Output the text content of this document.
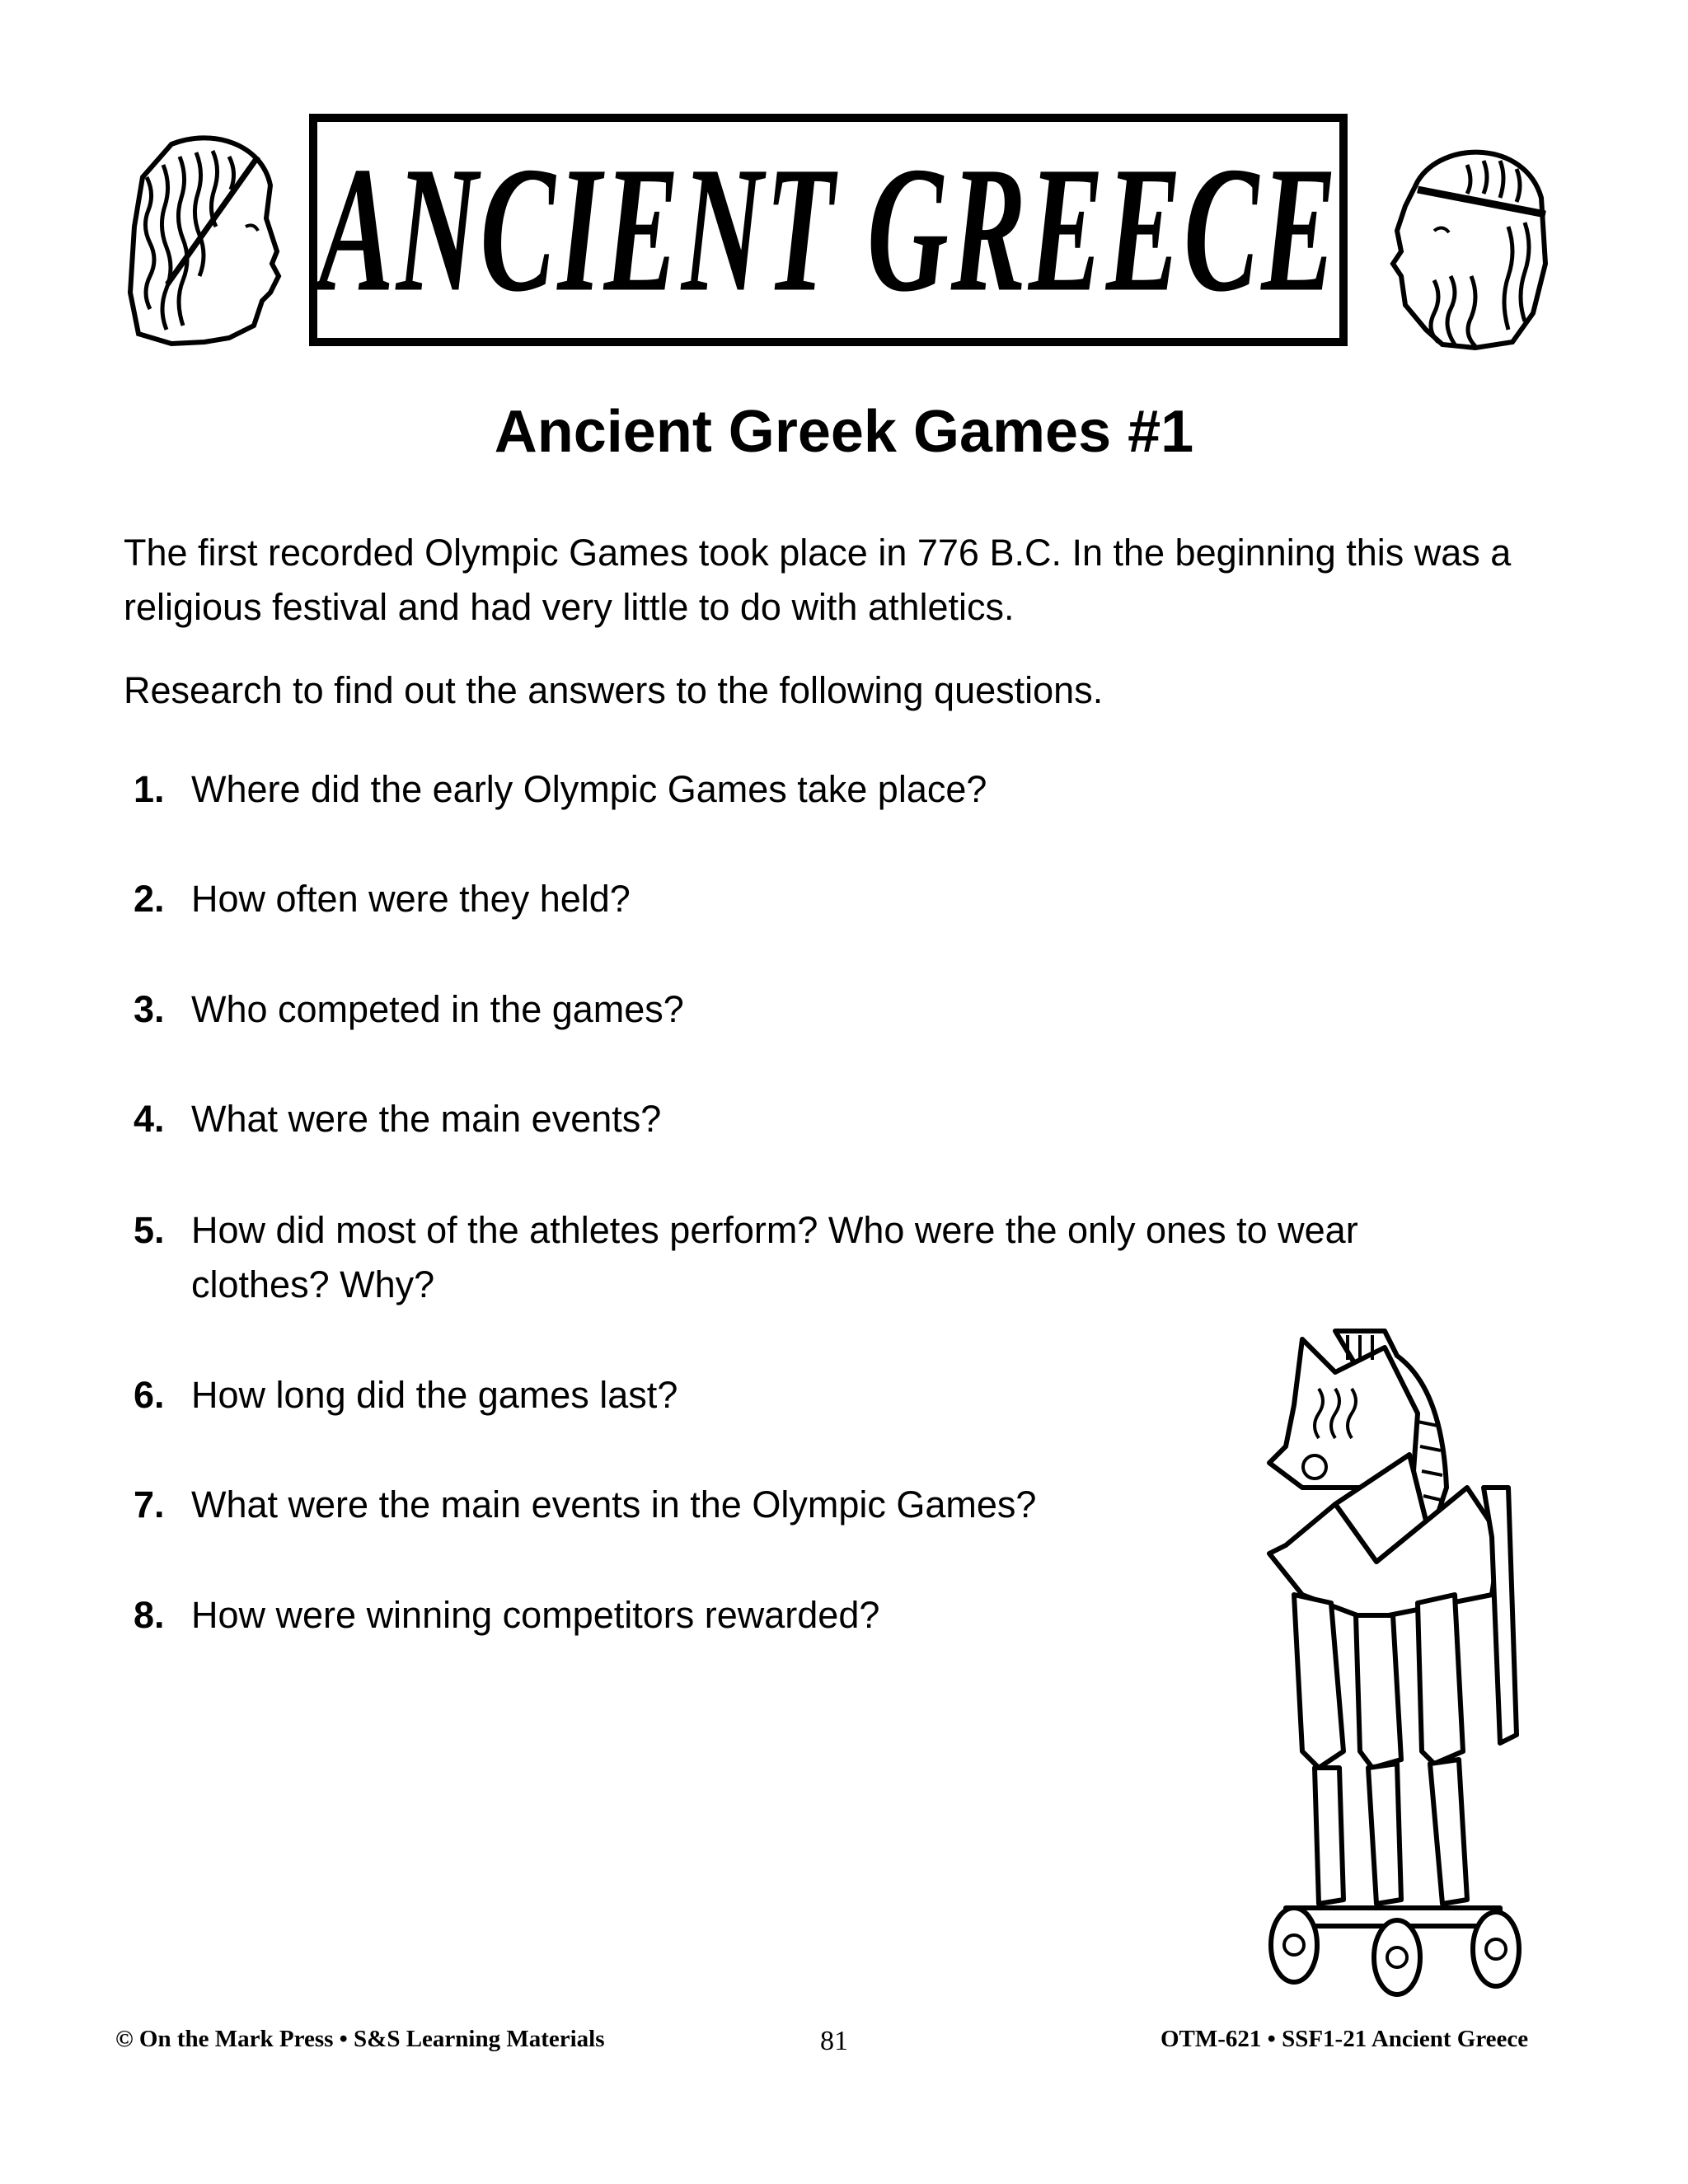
ANCIENT GREECE
Ancient Greek Games #1
The first recorded Olympic Games took place in 776 B.C. In the beginning this was a religious festival and had very little to do with athletics.
Research to find out the answers to the following questions.
1. Where did the early Olympic Games take place?
2. How often were they held?
3. Who competed in the games?
4. What were the main events?
5. How did most of the athletes perform? Who were the only ones to wear clothes? Why?
6. How long did the games last?
7. What were the main events in the Olympic Games?
8. How were winning competitors rewarded?
© On the Mark Press • S&S Learning Materials	81	OTM-621 • SSF1-21 Ancient Greece
